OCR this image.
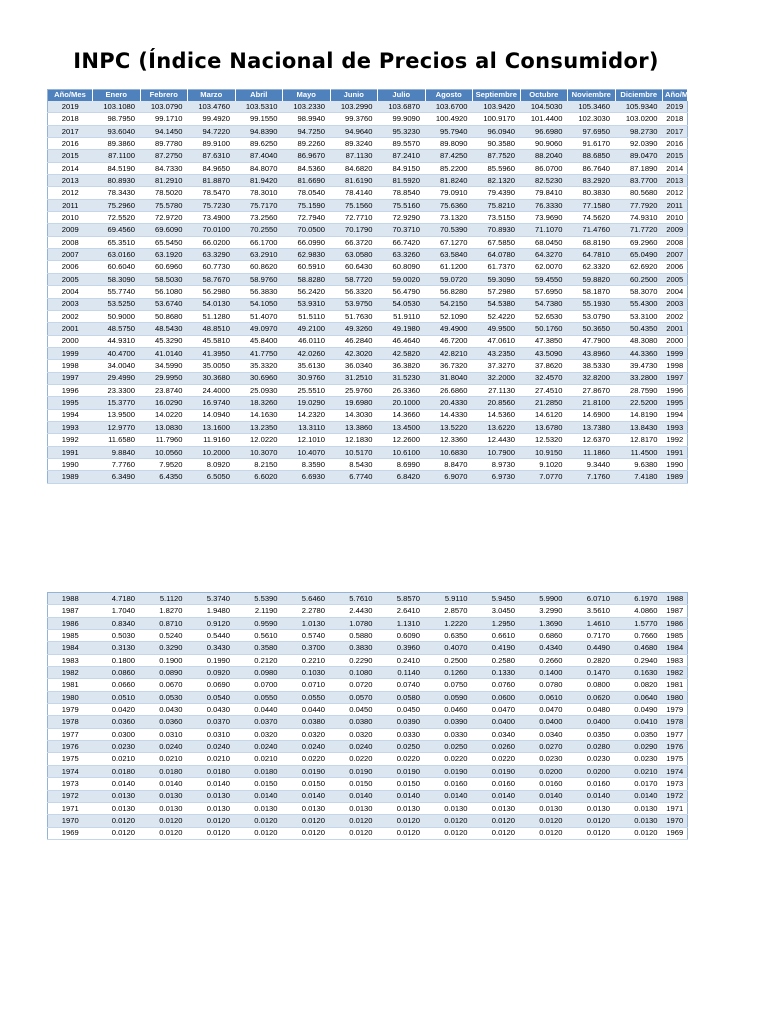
INPC (Índice Nacional de Precios al Consumidor)
Año/Mes	Enero	Febrero	Marzo	Abril	Mayo	Junio	Julio	Agosto	Septiembre	Octubre	Noviembre	Diciembre	Año/Mes
2019	103.1080	103.0790	103.4760	103.5310	103.2330	103.2990	103.6870	103.6700	103.9420	104.5030	105.3460	105.9340	2019
2018	98.7950	99.1710	99.4920	99.1550	98.9940	99.3760	99.9090	100.4920	100.9170	101.4400	102.3030	103.0200	2018
2017	93.6040	94.1450	94.7220	94.8390	94.7250	94.9640	95.3230	95.7940	96.0940	96.6980	97.6950	98.2730	2017
2016	89.3860	89.7780	89.9100	89.6250	89.2260	89.3240	89.5570	89.8090	90.3580	90.9060	91.6170	92.0390	2016
2015	87.1100	87.2750	87.6310	87.4040	86.9670	87.1130	87.2410	87.4250	87.7520	88.2040	88.6850	89.0470	2015
2014	84.5190	84.7330	84.9650	84.8070	84.5360	84.6820	84.9150	85.2200	85.5960	86.0700	86.7640	87.1890	2014
2013	80.8930	81.2910	81.8870	81.9420	81.6690	81.6190	81.5920	81.8240	82.1320	82.5230	83.2920	83.7700	2013
2012	78.3430	78.5020	78.5470	78.3010	78.0540	78.4140	78.8540	79.0910	79.4390	79.8410	80.3830	80.5680	2012
2011	75.2960	75.5780	75.7230	75.7170	75.1590	75.1560	75.5160	75.6360	75.8210	76.3330	77.1580	77.7920	2011
2010	72.5520	72.9720	73.4900	73.2560	72.7940	72.7710	72.9290	73.1320	73.5150	73.9690	74.5620	74.9310	2010
2009	69.4560	69.6090	70.0100	70.2550	70.0500	70.1790	70.3710	70.5390	70.8930	71.1070	71.4760	71.7720	2009
2008	65.3510	65.5450	66.0200	66.1700	66.0990	66.3720	66.7420	67.1270	67.5850	68.0450	68.8190	69.2960	2008
2007	63.0160	63.1920	63.3290	63.2910	62.9830	63.0580	63.3260	63.5840	64.0780	64.3270	64.7810	65.0490	2007
2006	60.6040	60.6960	60.7730	60.8620	60.5910	60.6430	60.8090	61.1200	61.7370	62.0070	62.3320	62.6920	2006
2005	58.3090	58.5030	58.7670	58.9760	58.8280	58.7720	59.0020	59.0720	59.3090	59.4550	59.8820	60.2500	2005
2004	55.7740	56.1080	56.2980	56.3830	56.2420	56.3320	56.4790	56.8280	57.2980	57.6950	58.1870	58.3070	2004
2003	53.5250	53.6740	54.0130	54.1050	53.9310	53.9750	54.0530	54.2150	54.5380	54.7380	55.1930	55.4300	2003
2002	50.9000	50.8680	51.1280	51.4070	51.5110	51.7630	51.9110	52.1090	52.4220	52.6530	53.0790	53.3100	2002
2001	48.5750	48.5430	48.8510	49.0970	49.2100	49.3260	49.1980	49.4900	49.9500	50.1760	50.3650	50.4350	2001
2000	44.9310	45.3290	45.5810	45.8400	46.0110	46.2840	46.4640	46.7200	47.0610	47.3850	47.7900	48.3080	2000
1999	40.4700	41.0140	41.3950	41.7750	42.0260	42.3020	42.5820	42.8210	43.2350	43.5090	43.8960	44.3360	1999
1998	34.0040	34.5990	35.0050	35.3320	35.6130	36.0340	36.3820	36.7320	37.3270	37.8620	38.5330	39.4730	1998
1997	29.4990	29.9950	30.3680	30.6960	30.9760	31.2510	31.5230	31.8040	32.2000	32.4570	32.8200	33.2800	1997
1996	23.3300	23.8740	24.4000	25.0930	25.5510	25.9760	26.3360	26.6860	27.1130	27.4510	27.8670	28.7590	1996
1995	15.3770	16.0290	16.9740	18.3260	19.0290	19.6980	20.1000	20.4330	20.8560	21.2850	21.8100	22.5200	1995
1994	13.9500	14.0220	14.0940	14.1630	14.2320	14.3030	14.3660	14.4330	14.5360	14.6120	14.6900	14.8190	1994
1993	12.9770	13.0830	13.1600	13.2350	13.3110	13.3860	13.4500	13.5220	13.6220	13.6780	13.7380	13.8430	1993
1992	11.6580	11.7960	11.9160	12.0220	12.1010	12.1830	12.2600	12.3360	12.4430	12.5320	12.6370	12.8170	1992
1991	9.8840	10.0560	10.2000	10.3070	10.4070	10.5170	10.6100	10.6830	10.7900	10.9150	11.1860	11.4500	1991
1990	7.7760	7.9520	8.0920	8.2150	8.3590	8.5430	8.6990	8.8470	8.9730	9.1020	9.3440	9.6380	1990
1989	6.3490	6.4350	6.5050	6.6020	6.6930	6.7740	6.8420	6.9070	6.9730	7.0770	7.1760	7.4180	1989
1988	4.7180	5.1120	5.3740	5.5390	5.6460	5.7610	5.8570	5.9110	5.9450	5.9900	6.0710	6.1970	1988
1987	1.7040	1.8270	1.9480	2.1190	2.2780	2.4430	2.6410	2.8570	3.0450	3.2990	3.5610	4.0860	1987
1986	0.8340	0.8710	0.9120	0.9590	1.0130	1.0780	1.1310	1.2220	1.2950	1.3690	1.4610	1.5770	1986
1985	0.5030	0.5240	0.5440	0.5610	0.5740	0.5880	0.6090	0.6350	0.6610	0.6860	0.7170	0.7660	1985
1984	0.3130	0.3290	0.3430	0.3580	0.3700	0.3830	0.3960	0.4070	0.4190	0.4340	0.4490	0.4680	1984
1983	0.1800	0.1900	0.1990	0.2120	0.2210	0.2290	0.2410	0.2500	0.2580	0.2660	0.2820	0.2940	1983
1982	0.0860	0.0890	0.0920	0.0980	0.1030	0.1080	0.1140	0.1260	0.1330	0.1400	0.1470	0.1630	1982
1981	0.0660	0.0670	0.0690	0.0700	0.0710	0.0720	0.0740	0.0750	0.0760	0.0780	0.0800	0.0820	1981
1980	0.0510	0.0530	0.0540	0.0550	0.0550	0.0570	0.0580	0.0590	0.0600	0.0610	0.0620	0.0640	1980
1979	0.0420	0.0430	0.0430	0.0440	0.0440	0.0450	0.0450	0.0460	0.0470	0.0470	0.0480	0.0490	1979
1978	0.0360	0.0360	0.0370	0.0370	0.0380	0.0380	0.0390	0.0390	0.0400	0.0400	0.0400	0.0410	1978
1977	0.0300	0.0310	0.0310	0.0320	0.0320	0.0320	0.0330	0.0330	0.0340	0.0340	0.0350	0.0350	1977
1976	0.0230	0.0240	0.0240	0.0240	0.0240	0.0240	0.0250	0.0250	0.0260	0.0270	0.0280	0.0290	1976
1975	0.0210	0.0210	0.0210	0.0210	0.0220	0.0220	0.0220	0.0220	0.0220	0.0230	0.0230	0.0230	1975
1974	0.0180	0.0180	0.0180	0.0180	0.0190	0.0190	0.0190	0.0190	0.0190	0.0200	0.0200	0.0210	1974
1973	0.0140	0.0140	0.0140	0.0150	0.0150	0.0150	0.0150	0.0160	0.0160	0.0160	0.0160	0.0170	1973
1972	0.0130	0.0130	0.0130	0.0140	0.0140	0.0140	0.0140	0.0140	0.0140	0.0140	0.0140	0.0140	1972
1971	0.0130	0.0130	0.0130	0.0130	0.0130	0.0130	0.0130	0.0130	0.0130	0.0130	0.0130	0.0130	1971
1970	0.0120	0.0120	0.0120	0.0120	0.0120	0.0120	0.0120	0.0120	0.0120	0.0120	0.0120	0.0130	1970
1969	0.0120	0.0120	0.0120	0.0120	0.0120	0.0120	0.0120	0.0120	0.0120	0.0120	0.0120	0.0120	1969
